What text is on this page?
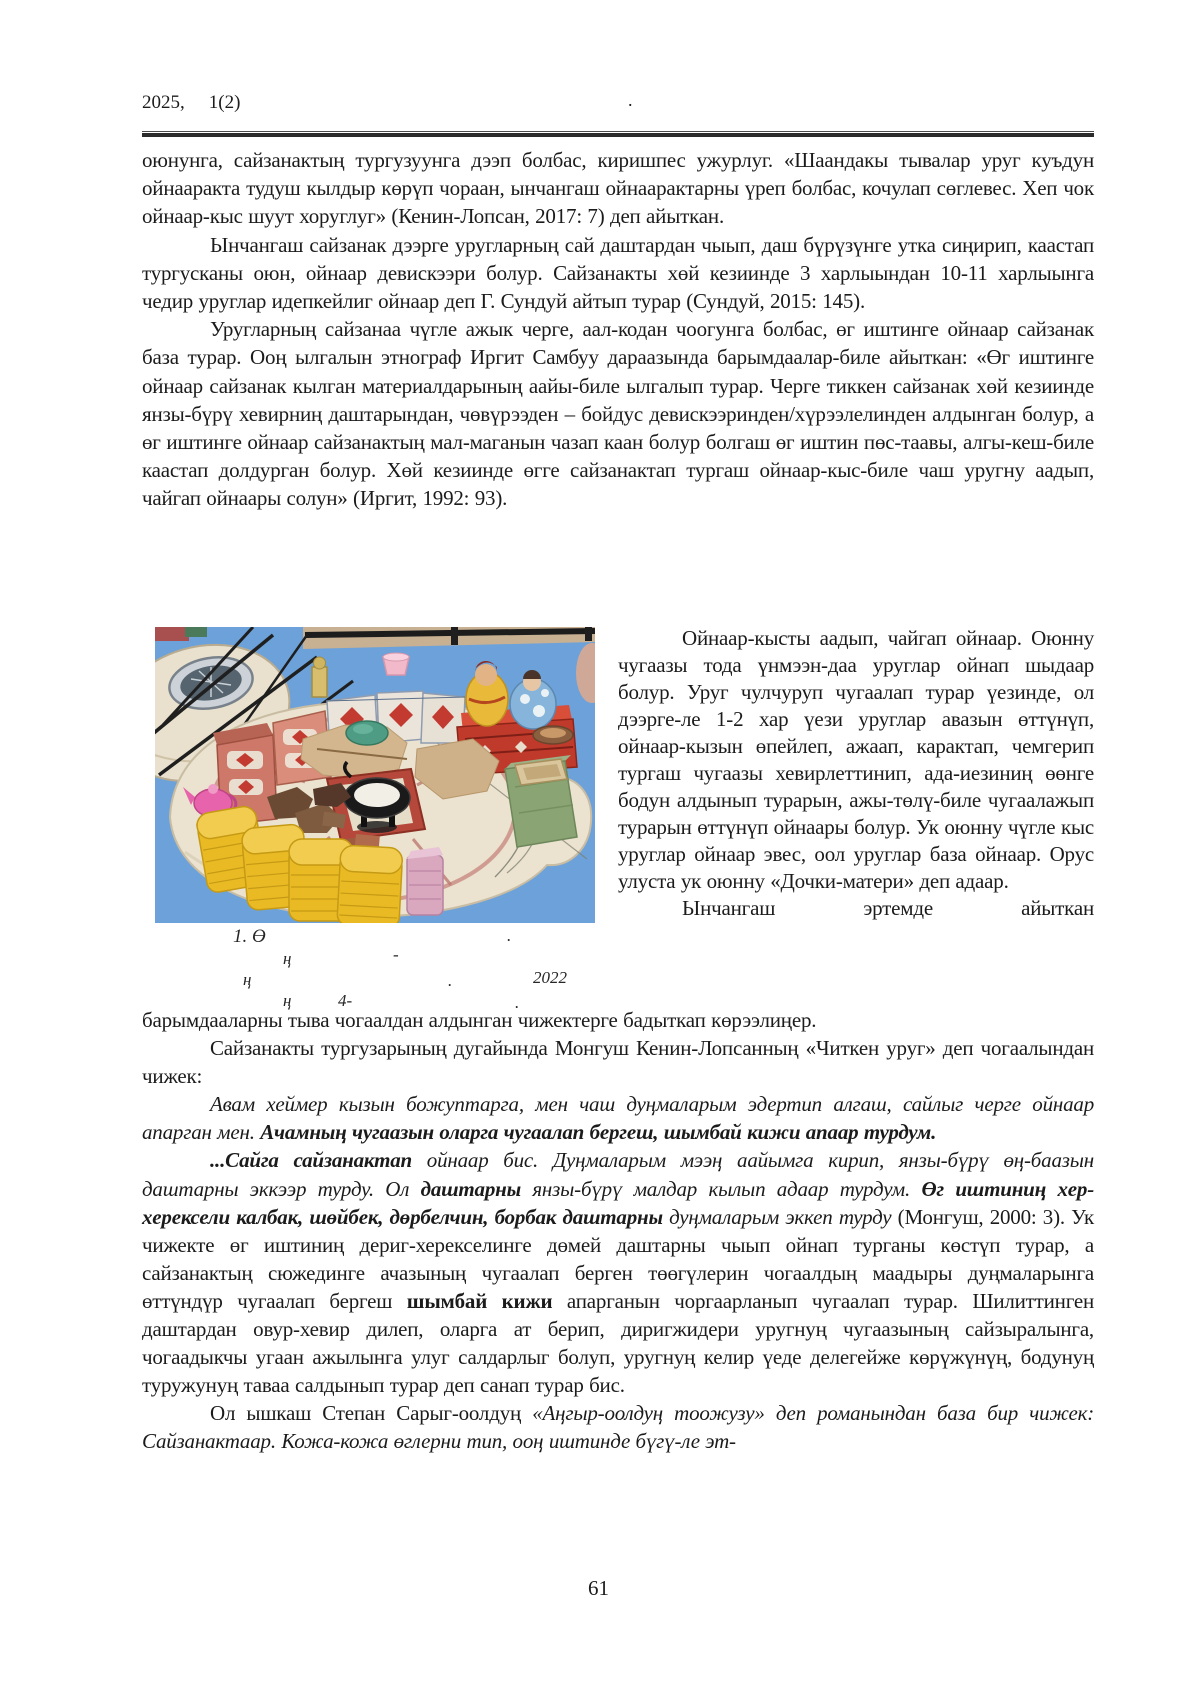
2025, 1(2)	.

оюнунга, сайзанактың тургузуунга дээп болбас, киришпес ужурлуг. «Шаандакы тывалар уруг куъдун ойнааракта тудуш кылдыр көрүп чораан, ынчангаш ойнаарактарны үреп болбас, кочулап сөглевес. Хеп чок ойнаар-кыс шуут хоруглуг» (Кенин-Лопсан, 2017: 7) деп айыткан.

Ынчангаш сайзанак дээрге уругларның сай даштардан чыып, даш бүрүзүнге утка сиңирип, каастап тургусканы оюн, ойнаар девискээри болур. Сайзанакты хөй кезиинде 3 харлыындан 10-11 харлыынга чедир уруглар идепкейлиг ойнаар деп Г. Сундуй айтып турар (Сундуй, 2015: 145).

Уругларның сайзанаа чүгле ажык черге, аал-кодан чоогунга болбас, өг иштинге ойнаар сайзанак база турар. Ооң ылгалын этнограф Иргит Самбуу дараазында барымдаалар-биле айыткан: «Өг иштинге ойнаар сайзанак кылган материалдарының аайы-биле ылгалып турар. Черге тиккен сайзанак хөй кезиинде янзы-бүрү хевирниң даштарындан, чөвүрээден – бойдус девискээринден/хүрээлелинден алдынган болур, а өг иштинге ойнаар сайзанактың мал-маганын чазап каан болур болгаш өг иштин пөс-таавы, алгы-кеш-биле каастап долдурган болур. Хөй кезиинде өгге сайзанактап тургаш ойнаар-кыс-биле чаш уругну аадып, чайгап ойнаары солун» (Иргит, 1992: 93).

1. Ө	.
ң	-
ң	.	2022
ң	4-	.

Ойнаар-кысты аадып, чайгап ойнаар. Оюнну чугаазы тода үнмээн-даа уруглар ойнап шыдаар болур. Уруг чулчуруп чугаалап турар үезинде, ол дээрге-ле 1-2 хар үези уруглар авазын өттүнүп, ойнаар-кызын өпейлеп, ажаап, карактап, чемгерип тургаш чугаазы хевирлеттинип, ада-иезиниң өөнге бодун алдынып турарын, ажы-төлү-биле чугаалажып турарын өттүнүп ойнаары болур. Ук оюнну чүгле кыс уруглар ойнаар эвес, оол уруглар база ойнаар. Орус улуста ук оюнну «Дочки-матери» деп адаар.

Ынчангаш эртемде айыткан

барымдааларны тыва чогаалдан алдынган чижектерге бадыткап көрээлиңер.

Сайзанакты тургузарының дугайында Монгуш Кенин-Лопсанның «Читкен уруг» деп чогаалындан чижек:

Авам хеймер кызын божуптарга, мен чаш дуңмаларым эдертип алгаш, сайлыг черге ойнаар апарган мен. Ачамның чугаазын оларга чугаалап бергеш, шымбай кижи апаар турдум.

...Сайга сайзанактап ойнаар бис. Дуңмаларым мээң аайымга кирип, янзы-бүрү өң-баазын даштарны эккээр турду. Ол даштарны янзы-бүрү малдар кылып адаар турдум. Өг иштиниң хер-херексели калбак, шөйбек, дөрбелчин, борбак даштарны дуңмаларым эккеп турду (Монгуш, 2000: 3). Ук чижекте өг иштиниң дериг-херекселинге дөмей даштарны чыып ойнап турганы көстүп турар, а сайзанактың сюжединге ачазының чугаалап берген төөгүлерин чогаалдың маадыры дуңмаларынга өттүндүр чугаалап бергеш шымбай кижи апарганын чоргаарланып чугаалап турар. Шилиттинген даштардан овур-хевир дилеп, оларга ат берип, диригжидери уругнуң чугаазының сайзыралынга, чогаадыкчы угаан ажылынга улуг салдарлыг болуп, уругнуң келир үеде делегейже көрүжүнүң, бодунуң туружунуң таваа салдынып турар деп санап турар бис.

Ол ышкаш Степан Сарыг-оолдуң «Аңгыр-оолдуң тоожузу» деп романындан база бир чижек: Сайзанактаар. Кожа-кожа өглерни тип, ооң иштинде бүгү-ле эт-

61
